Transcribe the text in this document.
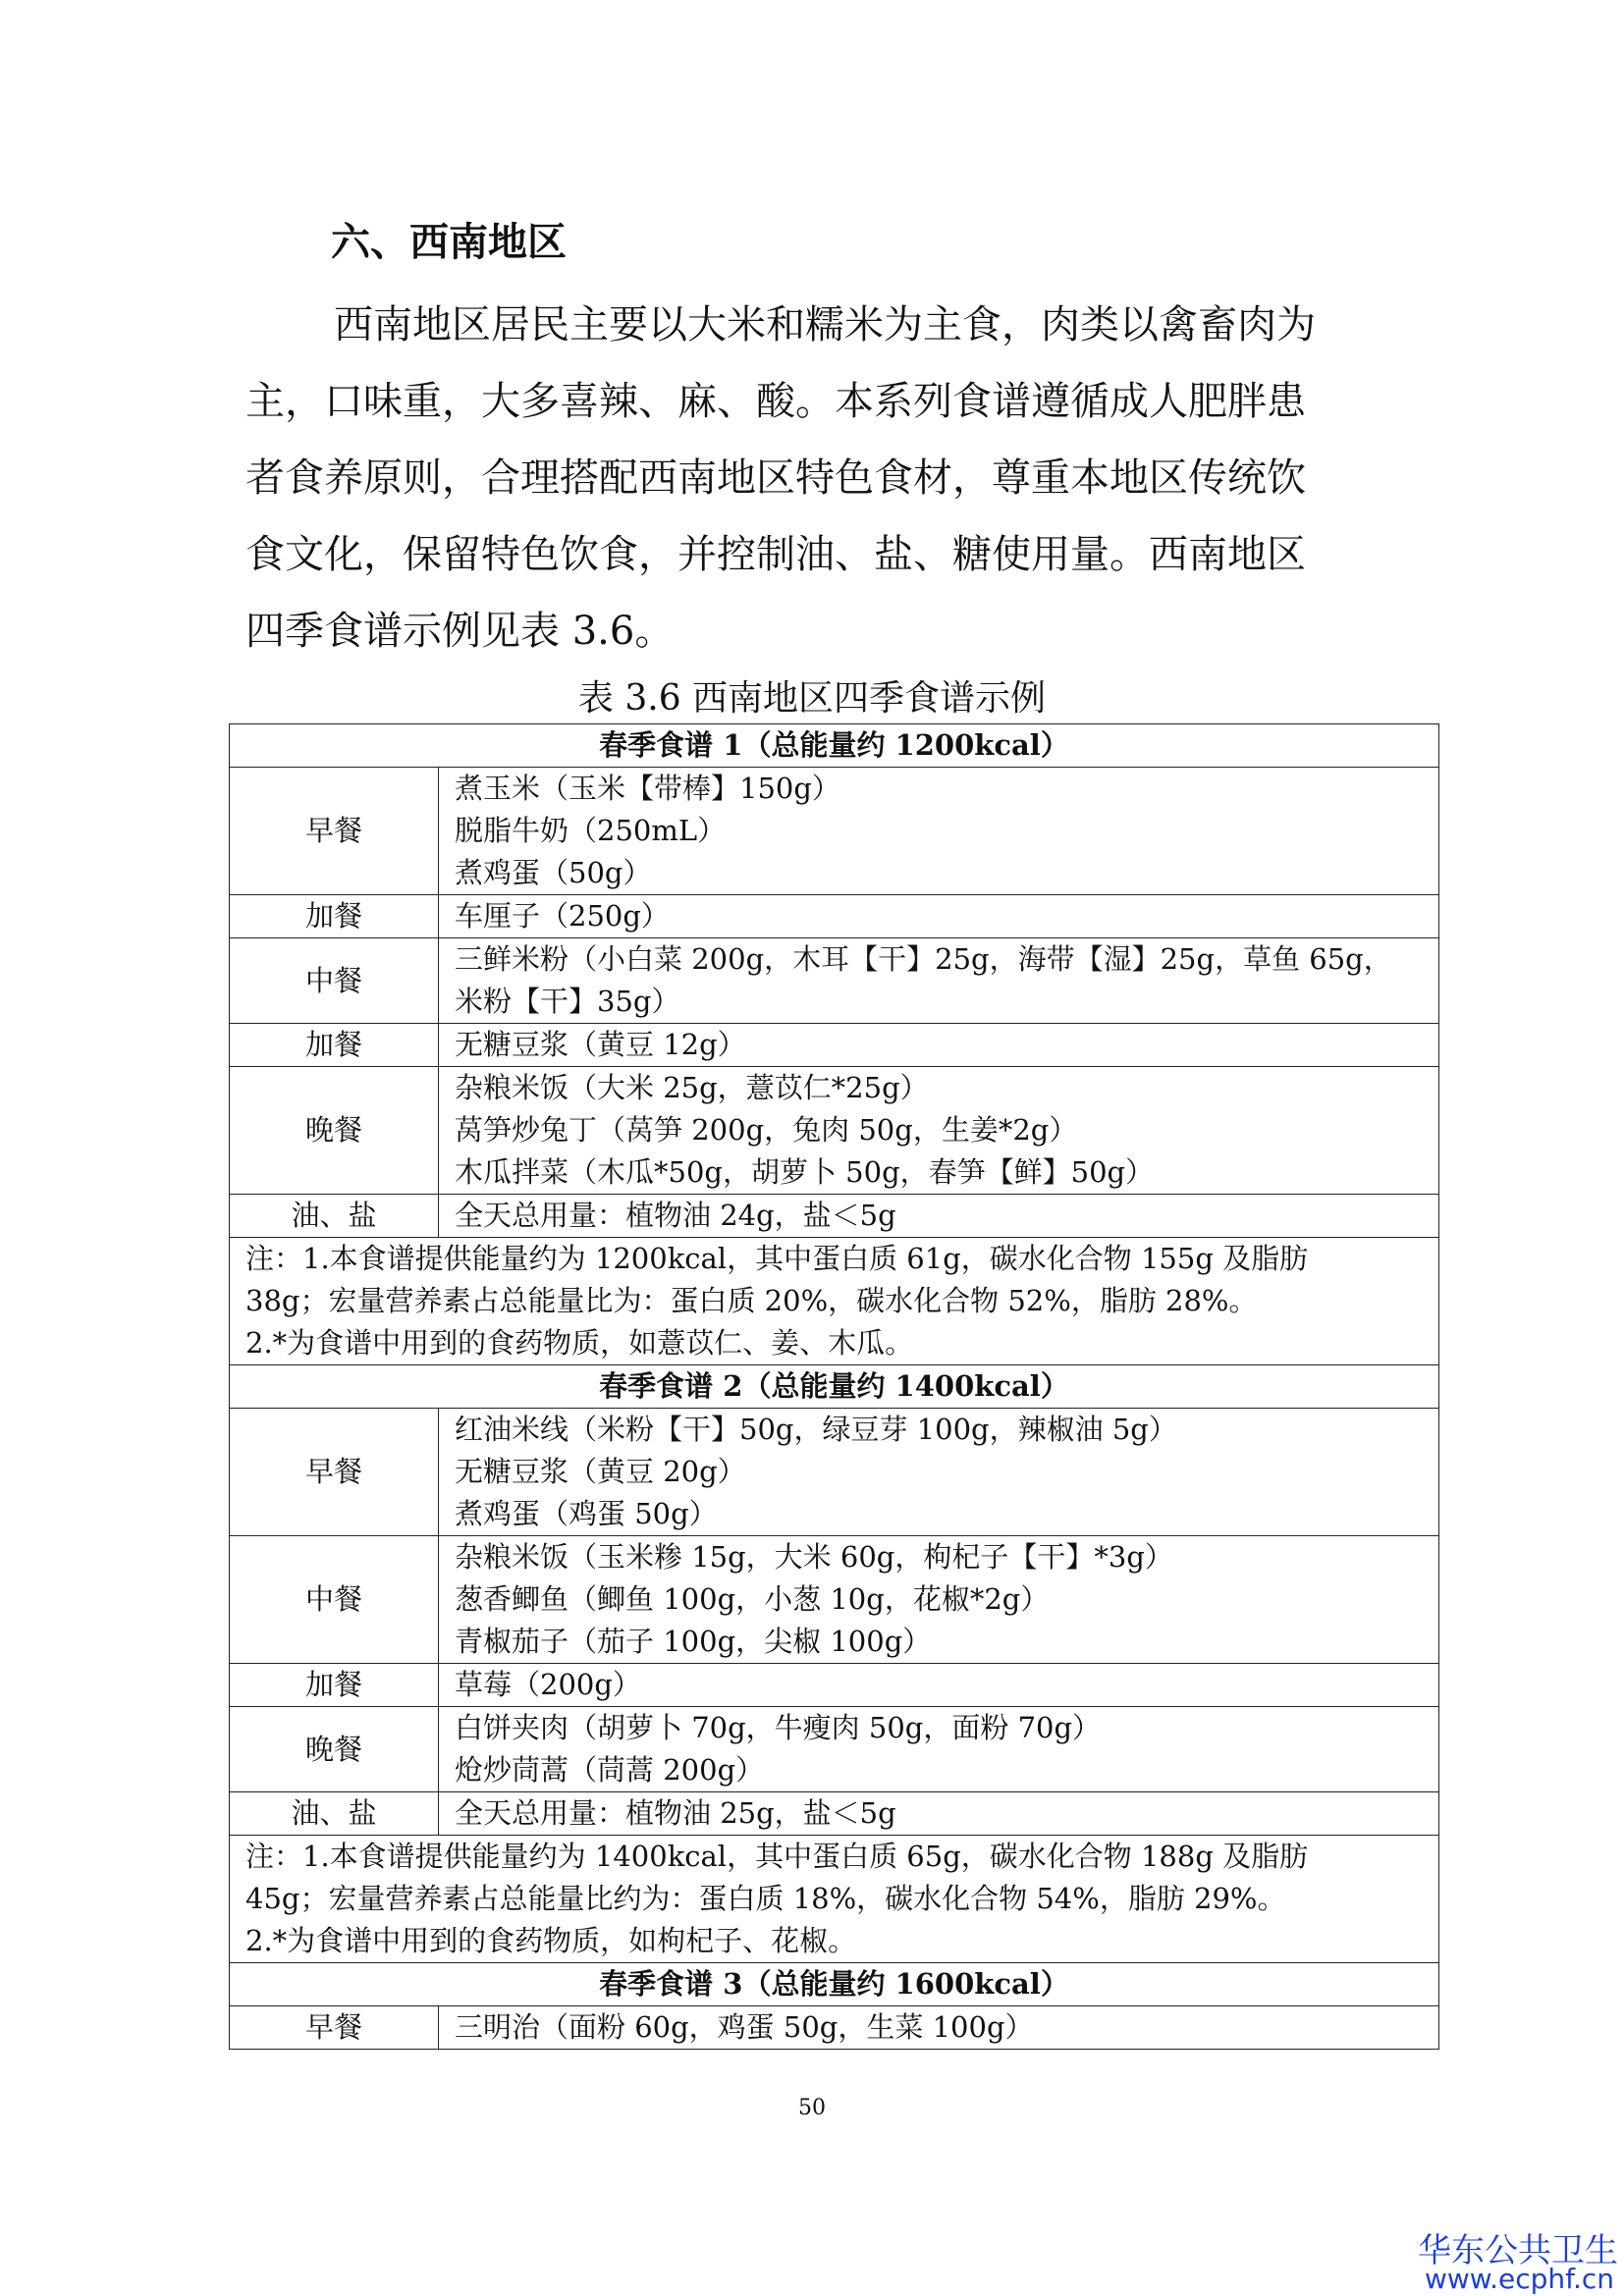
六、西南地区
西南地区居民主要以大米和糯米为主食，肉类以禽畜肉为
主，口味重，大多喜辣、麻、酸。本系列食谱遵循成人肥胖患
者食养原则，合理搭配西南地区特色食材，尊重本地区传统饮
食文化，保留特色饮食，并控制油、盐、糖使用量。西南地区
四季食谱示例见表 3.6。
表 3.6 西南地区四季食谱示例
春季食谱 1（总能量约 1200kcal）	
早餐	煮玉米（玉米【带棒】150g）
脱脂牛奶（250mL）
煮鸡蛋（50g）

加餐	车厘子（250g）
中餐	三鲜米粉（小白菜 200g，木耳【干】25g，海带【湿】25g，草鱼 65g，
米粉【干】35g）

加餐	无糖豆浆（黄豆 12g）
晚餐	杂粮米饭（大米 25g，薏苡仁*25g）
莴笋炒兔丁（莴笋 200g，兔肉 50g，生姜*2g）
木瓜拌菜（木瓜*50g，胡萝卜 50g，春笋【鲜】50g）

油、盐	全天总用量：植物油 24g，盐＜5g

注：1.本食谱提供能量约为 1200kcal，其中蛋白质 61g，碳水化合物 155g 及脂肪
38g；宏量营养素占总能量比为：蛋白质 20%，碳水化合物 52%，脂肪 28%。
2.*为食谱中用到的食药物质，如薏苡仁、姜、木瓜。	

春季食谱 2（总能量约 1400kcal）	
早餐	红油米线（米粉【干】50g，绿豆芽 100g，辣椒油 5g）
无糖豆浆（黄豆 20g）
煮鸡蛋（鸡蛋 50g）

中餐	杂粮米饭（玉米糁 15g，大米 60g，枸杞子【干】*3g）
葱香鲫鱼（鲫鱼 100g，小葱 10g，花椒*2g）
青椒茄子（茄子 100g，尖椒 100g）

加餐	草莓（200g）
晚餐	白饼夹肉（胡萝卜 70g，牛瘦肉 50g，面粉 70g）
炝炒茼蒿（茼蒿 200g）

油、盐	全天总用量：植物油 25g，盐＜5g

注：1.本食谱提供能量约为 1400kcal，其中蛋白质 65g，碳水化合物 188g 及脂肪
45g；宏量营养素占总能量比约为：蛋白质 18%，碳水化合物 54%，脂肪 29%。
2.*为食谱中用到的食药物质，如枸杞子、花椒。	

春季食谱 3（总能量约 1600kcal）	
早餐	三明治（面粉 60g，鸡蛋 50g，生菜 100g）
50
华东公共卫生
www.ecphf.cn
